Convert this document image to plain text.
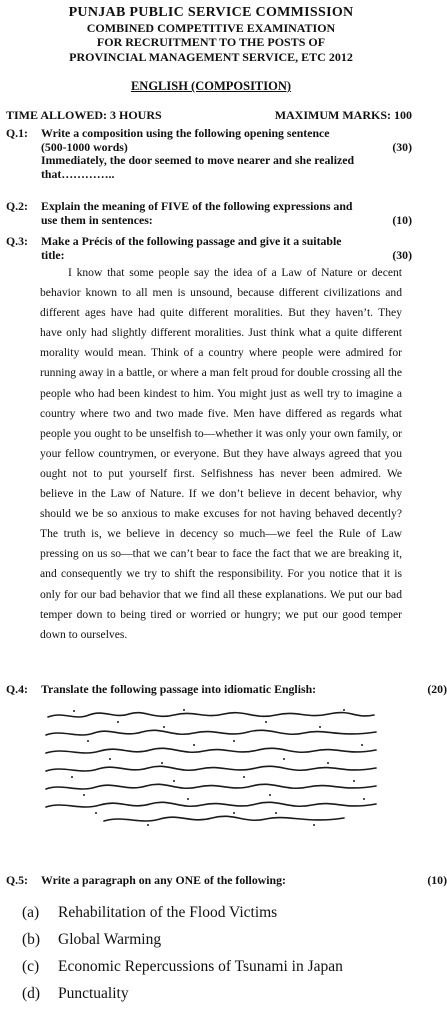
PUNJAB PUBLIC SERVICE COMMISSION
COMBINED COMPETITIVE EXAMINATION
FOR RECRUITMENT TO THE POSTS OF
PROVINCIAL MANAGEMENT SERVICE, ETC 2012
ENGLISH (COMPOSITION)
TIME ALLOWED: 3 HOURS	MAXIMUM MARKS: 100
Q.1: Write a composition using the following opening sentence
(500-1000 words)	(30)
Immediately, the door seemed to move nearer and she realized
that…………..
Q.2: Explain the meaning of FIVE of the following expressions and
use them in sentences:	(10)
Q.3: Make a Précis of the following passage and give it a suitable
title:	(30)

I know that some people say the idea of a Law of Nature or decent behavior known to all men is unsound, because different civilizations and different ages have had quite different moralities. But they haven’t. They have only had slightly different moralities. Just think what a quite different morality would mean. Think of a country where people were admired for running away in a battle, or where a man felt proud for double crossing all the people who had been kindest to him. You might just as well try to imagine a country where two and two made five. Men have differed as regards what people you ought to be unselfish to—whether it was only your own family, or your fellow countrymen, or everyone. But they have always agreed that you ought not to put yourself first. Selfishness has never been admired. We believe in the Law of Nature. If we don’t believe in decent behavior, why should we be so anxious to make excuses for not having behaved decently? The truth is, we believe in decency so much—we feel the Rule of Law pressing on us so—that we can’t bear to face the fact that we are breaking it, and consequently we try to shift the responsibility. For you notice that it is only for our bad behavior that we find all these explanations. We put our bad temper down to being tired or worried or hungry; we put our good temper down to ourselves.

Q.4: Translate the following passage into idiomatic English:	(20)
Q.5: Write a paragraph on any ONE of the following:	(10)
(a) Rehabilitation of the Flood Victims
(b) Global Warming
(c) Economic Repercussions of Tsunami in Japan
(d) Punctuality
